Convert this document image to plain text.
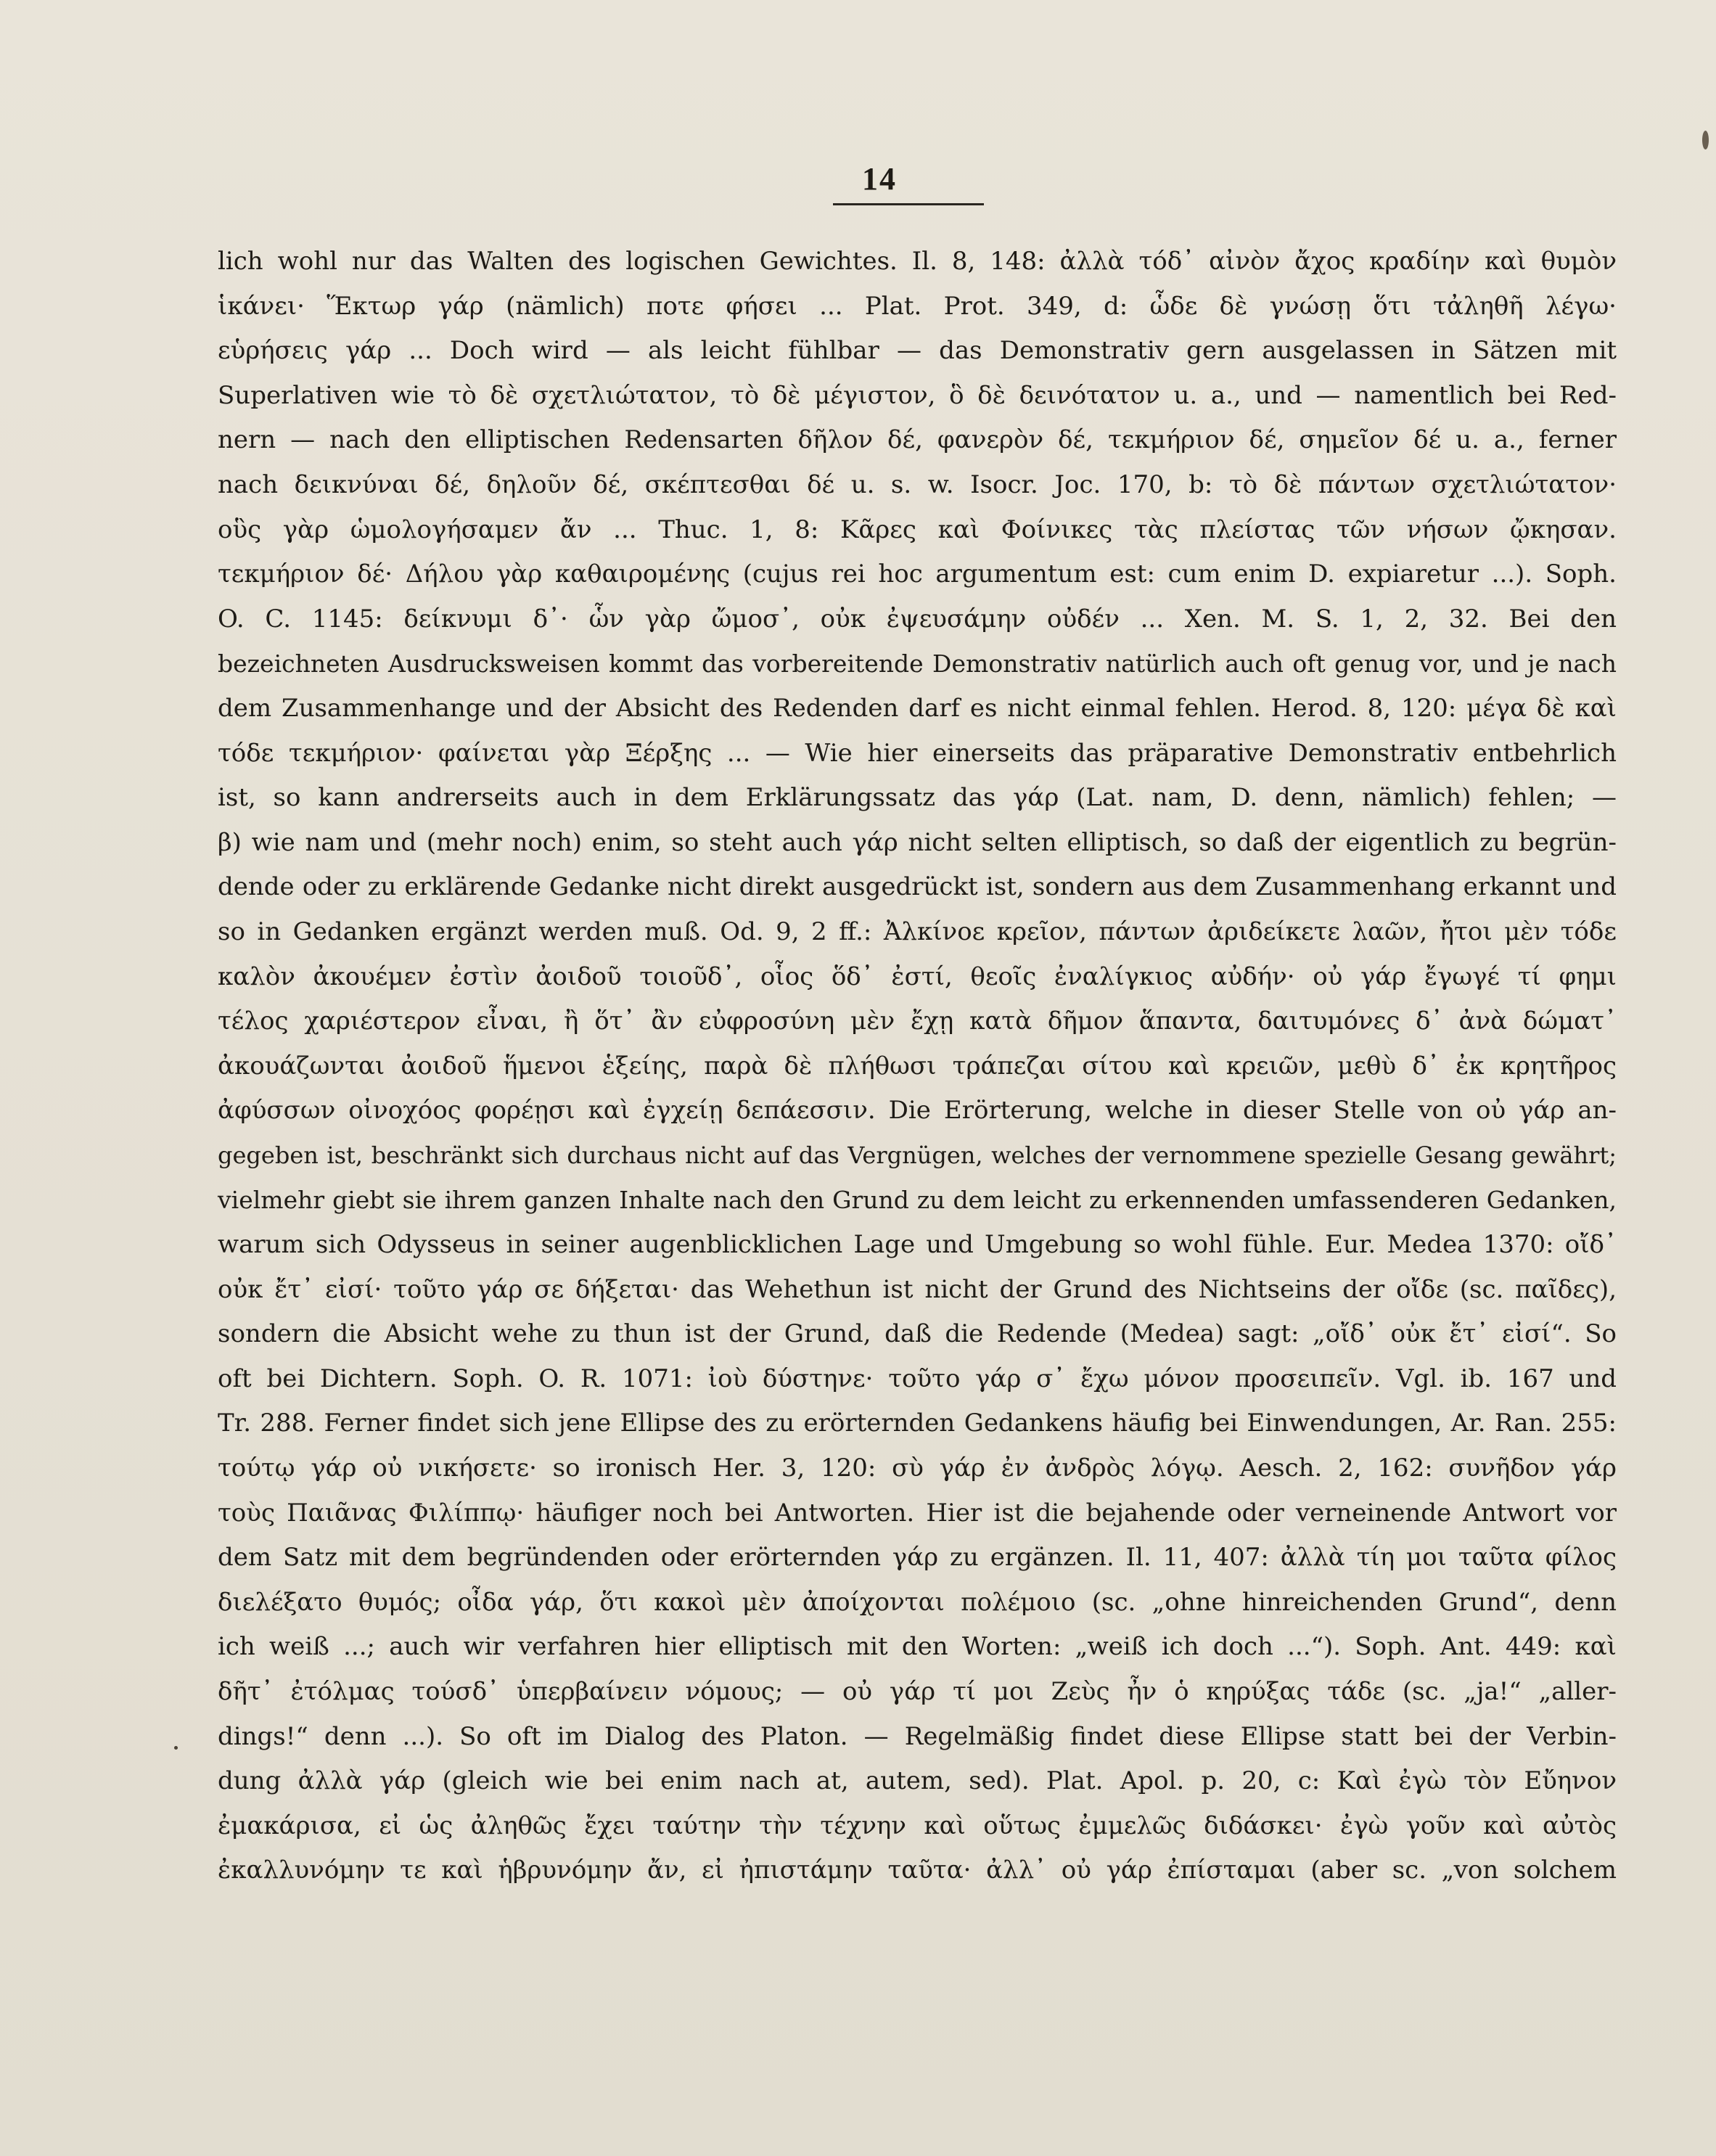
14
lich wohl nur das Walten des logischen Gewichtes. Il. 8, 148: ἀλλὰ τόδ᾽ αἰνὸν ἄχος κραδίην καὶ θυμὸν
ἱκάνει· Ἕκτωρ γάρ (nämlich) ποτε φήσει ... Plat. Prot. 349, d: ὧδε δὲ γνώσῃ ὅτι τἀληθῆ λέγω·
εὑρήσεις γάρ ... Doch wird — als leicht fühlbar — das Demonstrativ gern ausgelassen in Sätzen mit
Superlativen wie τὸ δὲ σχετλιώτατον, τὸ δὲ μέγιστον, ὃ δὲ δεινότατον u. a., und — namentlich bei Red-
nern — nach den elliptischen Redensarten δῆλον δέ, φανερὸν δέ, τεκμήριον δέ, σημεῖον δέ u. a., ferner
nach δεικνύναι δέ, δηλοῦν δέ, σκέπτεσθαι δέ u. s. w. Isocr. Joc. 170, b: τὸ δὲ πάντων σχετλιώτατον·
οὓς γὰρ ὡμολογήσαμεν ἄν ... Thuc. 1, 8: Κᾶρες καὶ Φοίνικες τὰς πλείστας τῶν νήσων ᾤκησαν.
τεκμήριον δέ· Δήλου γὰρ καθαιρομένης (cujus rei hoc argumentum est: cum enim D. expiaretur ...). Soph.
O. C. 1145: δείκνυμι δ᾽· ὧν γὰρ ὤμοσ᾽, οὐκ ἐψευσάμην οὐδέν ... Xen. M. S. 1, 2, 32. Bei den
bezeichneten Ausdrucksweisen kommt das vorbereitende Demonstrativ natürlich auch oft genug vor, und je nach
dem Zusammenhange und der Absicht des Redenden darf es nicht einmal fehlen. Herod. 8, 120: μέγα δὲ καὶ
τόδε τεκμήριον· φαίνεται γὰρ Ξέρξης ... — Wie hier einerseits das präparative Demonstrativ entbehrlich
ist, so kann andrerseits auch in dem Erklärungssatz das γάρ (Lat. nam, D. denn, nämlich) fehlen; —
β) wie nam und (mehr noch) enim, so steht auch γάρ nicht selten elliptisch, so daß der eigentlich zu begrün-
dende oder zu erklärende Gedanke nicht direkt ausgedrückt ist, sondern aus dem Zusammenhang erkannt und
so in Gedanken ergänzt werden muß. Od. 9, 2 ff.: Ἀλκίνοε κρεῖον, πάντων ἀριδείκετε λαῶν, ἤτοι μὲν τόδε
καλὸν ἀκουέμεν ἐστὶν ἀοιδοῦ τοιοῦδ᾽, οἷος ὅδ᾽ ἐστί, θεοῖς ἐναλίγκιος αὐδήν· οὐ γάρ ἔγωγέ τί φημι
τέλος χαριέστερον εἶναι, ἢ ὅτ᾽ ἂν εὐφροσύνη μὲν ἔχῃ κατὰ δῆμον ἅπαντα, δαιτυμόνες δ᾽ ἀνὰ δώματ᾽
ἀκουάζωνται ἀοιδοῦ ἥμενοι ἑξείης, παρὰ δὲ πλήθωσι τράπεζαι σίτου καὶ κρειῶν, μεθὺ δ᾽ ἐκ κρητῆρος
ἀφύσσων οἰνοχόος φορέῃσι καὶ ἐγχείῃ δεπάεσσιν. Die Erörterung, welche in dieser Stelle von οὐ γάρ an-
gegeben ist, beschränkt sich durchaus nicht auf das Vergnügen, welches der vernommene spezielle Gesang gewährt;
vielmehr giebt sie ihrem ganzen Inhalte nach den Grund zu dem leicht zu erkennenden umfassenderen Gedanken,
warum sich Odysseus in seiner augenblicklichen Lage und Umgebung so wohl fühle. Eur. Medea 1370: οἴδ᾽
οὐκ ἔτ᾽ εἰσί· τοῦτο γάρ σε δήξεται· das Wehethun ist nicht der Grund des Nichtseins der οἴδε (sc. παῖδες),
sondern die Absicht wehe zu thun ist der Grund, daß die Redende (Medea) sagt: „οἴδ᾽ οὐκ ἔτ᾽ εἰσί“. So
oft bei Dichtern. Soph. O. R. 1071: ἰοὺ δύστηνε· τοῦτο γάρ σ᾽ ἔχω μόνον προσειπεῖν. Vgl. ib. 167 und
Tr. 288. Ferner findet sich jene Ellipse des zu erörternden Gedankens häufig bei Einwendungen, Ar. Ran. 255:
τούτῳ γάρ οὐ νικήσετε· so ironisch Her. 3, 120: σὺ γάρ ἐν ἀνδρὸς λόγῳ. Aesch. 2, 162: συνῆδον γάρ
τοὺς Παιᾶνας Φιλίππῳ· häufiger noch bei Antworten. Hier ist die bejahende oder verneinende Antwort vor
dem Satz mit dem begründenden oder erörternden γάρ zu ergänzen. Il. 11, 407: ἀλλὰ τίη μοι ταῦτα φίλος
διελέξατο θυμός; οἶδα γάρ, ὅτι κακοὶ μὲν ἀποίχονται πολέμοιο (sc. „ohne hinreichenden Grund“, denn
ich weiß ...; auch wir verfahren hier elliptisch mit den Worten: „weiß ich doch ...“). Soph. Ant. 449: καὶ
δῆτ᾽ ἐτόλμας τούσδ᾽ ὑπερβαίνειν νόμους; — οὐ γάρ τί μοι Ζεὺς ἦν ὁ κηρύξας τάδε (sc. „ja!“ „aller-
dings!“ denn ...). So oft im Dialog des Platon. — Regelmäßig findet diese Ellipse statt bei der Verbin-
dung ἀλλὰ γάρ (gleich wie bei enim nach at, autem, sed). Plat. Apol. p. 20, c: Καὶ ἐγὼ τὸν Εὔηνον
ἐμακάρισα, εἰ ὡς ἀληθῶς ἔχει ταύτην τὴν τέχνην καὶ οὕτως ἐμμελῶς διδάσκει· ἐγὼ γοῦν καὶ αὐτὸς
ἐκαλλυνόμην τε καὶ ἡβρυνόμην ἄν, εἰ ἠπιστάμην ταῦτα· ἀλλ᾽ οὐ γάρ ἐπίσταμαι (aber sc. „von solchem
